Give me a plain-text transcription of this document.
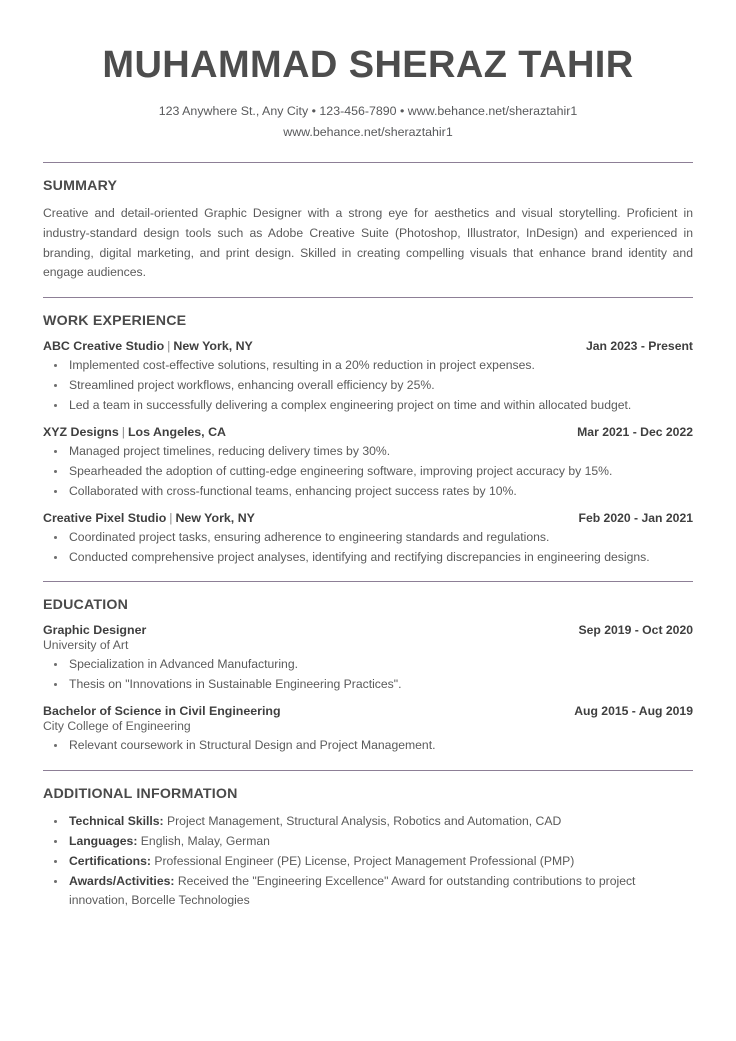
MUHAMMAD SHERAZ TAHIR
123 Anywhere St., Any City • 123-456-7890 • www.behance.net/sheraztahir1
www.behance.net/sheraztahir1
SUMMARY
Creative and detail-oriented Graphic Designer with a strong eye for aesthetics and visual storytelling. Proficient in industry-standard design tools such as Adobe Creative Suite (Photoshop, Illustrator, InDesign) and experienced in branding, digital marketing, and print design. Skilled in creating compelling visuals that enhance brand identity and engage audiences.
WORK EXPERIENCE
ABC Creative Studio | New York, NY	Jan 2023 - Present
Implemented cost-effective solutions, resulting in a 20% reduction in project expenses.
Streamlined project workflows, enhancing overall efficiency by 25%.
Led a team in successfully delivering a complex engineering project on time and within allocated budget.
XYZ Designs | Los Angeles, CA	Mar 2021 - Dec 2022
Managed project timelines, reducing delivery times by 30%.
Spearheaded the adoption of cutting-edge engineering software, improving project accuracy by 15%.
Collaborated with cross-functional teams, enhancing project success rates by 10%.
Creative Pixel Studio | New York, NY	Feb 2020 - Jan 2021
Coordinated project tasks, ensuring adherence to engineering standards and regulations.
Conducted comprehensive project analyses, identifying and rectifying discrepancies in engineering designs.
EDUCATION
Graphic Designer	Sep 2019 - Oct 2020
University of Art
Specialization in Advanced Manufacturing.
Thesis on "Innovations in Sustainable Engineering Practices".
Bachelor of Science in Civil Engineering	Aug 2015 - Aug 2019
City College of Engineering
Relevant coursework in Structural Design and Project Management.
ADDITIONAL INFORMATION
Technical Skills: Project Management, Structural Analysis, Robotics and Automation, CAD
Languages: English, Malay, German
Certifications: Professional Engineer (PE) License, Project Management Professional (PMP)
Awards/Activities: Received the "Engineering Excellence" Award for outstanding contributions to project innovation, Borcelle Technologies
